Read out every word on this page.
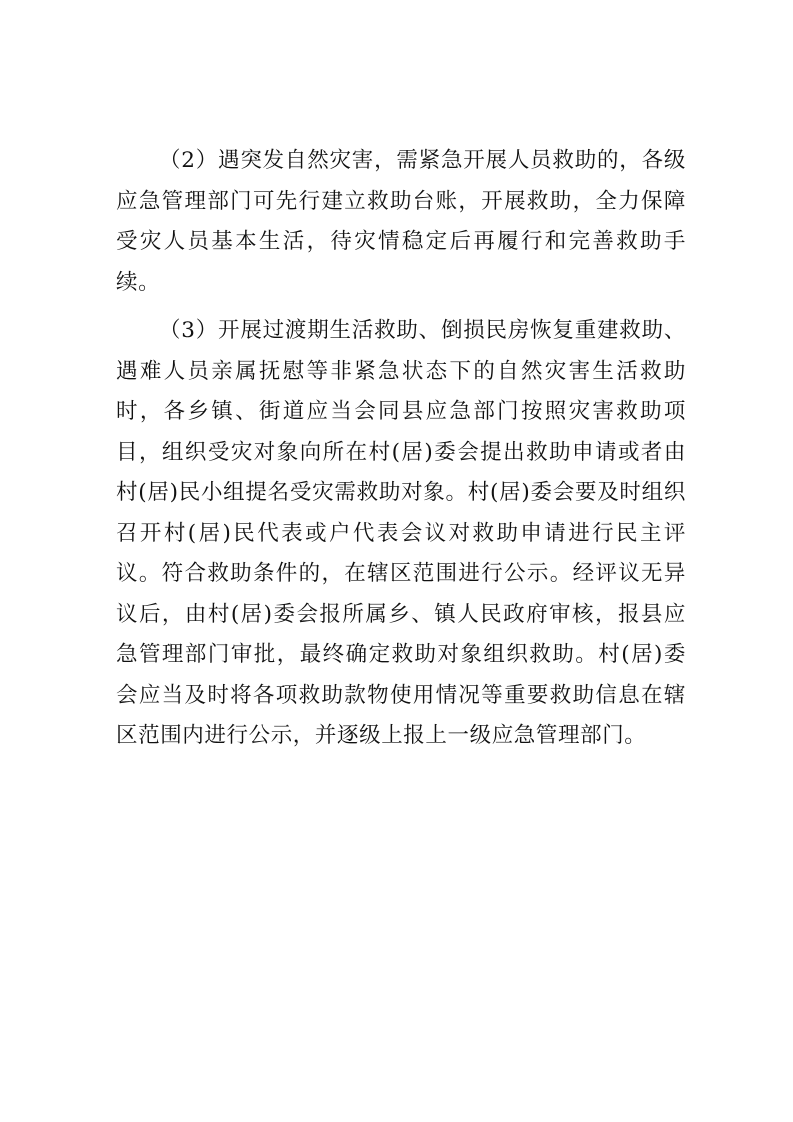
（2）遇突发自然灾害，需紧急开展人员救助的，各级应急管理部门可先行建立救助台账，开展救助，全力保障受灾人员基本生活，待灾情稳定后再履行和完善救助手续。

（3）开展过渡期生活救助、倒损民房恢复重建救助、遇难人员亲属抚慰等非紧急状态下的自然灾害生活救助时，各乡镇、街道应当会同县应急部门按照灾害救助项目，组织受灾对象向所在村(居)委会提出救助申请或者由村(居)民小组提名受灾需救助对象。村(居)委会要及时组织召开村(居)民代表或户代表会议对救助申请进行民主评议。符合救助条件的，在辖区范围进行公示。经评议无异议后，由村(居)委会报所属乡、镇人民政府审核，报县应急管理部门审批，最终确定救助对象组织救助。村(居)委会应当及时将各项救助款物使用情况等重要救助信息在辖区范围内进行公示，并逐级上报上一级应急管理部门。
